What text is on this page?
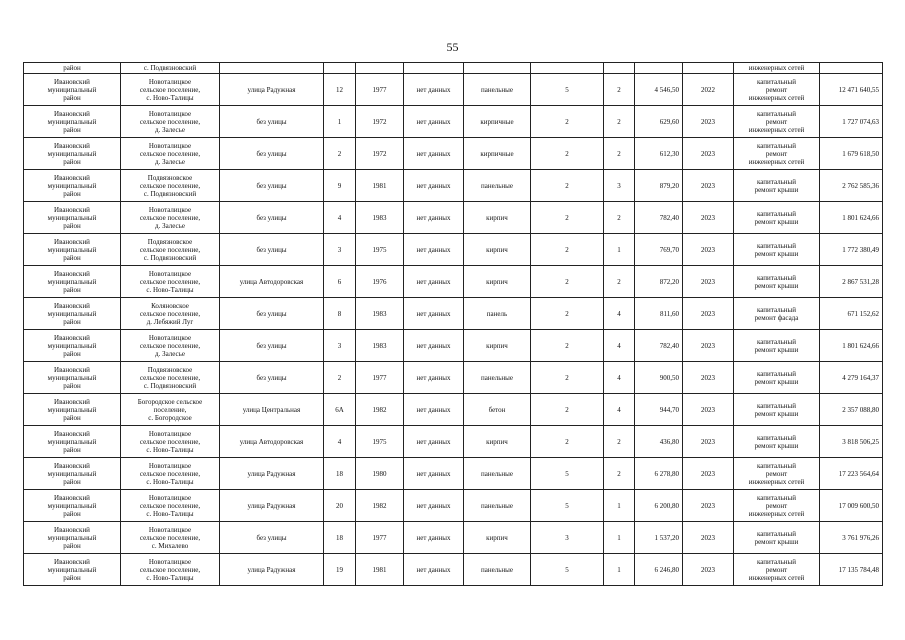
55
район	с. Подвязновский										инженерных сетей	
Ивановский
муниципальный
район	Новоталицкое
сельское поселение,
с. Ново-Талицы	улица Радужная	12	1977	нет данных	панельные	5	2	4 546,50	2022	капитальный
ремонт
инженерных сетей	12 471 640,55
Ивановский
муниципальный
район	Новоталицкое
сельское поселение,
д. Залесье	без улицы	1	1972	нет данных	кирпичные	2	2	629,60	2023	капитальный
ремонт
инженерных сетей	1 727 074,63
Ивановский
муниципальный
район	Новоталицкое
сельское поселение,
д. Залесье	без улицы	2	1972	нет данных	кирпичные	2	2	612,30	2023	капитальный
ремонт
инженерных сетей	1 679 618,50
Ивановский
муниципальный
район	Подвязновское
сельское поселение,
с. Подвязновский	без улицы	9	1981	нет данных	панельные	2	3	879,20	2023	капитальный
ремонт крыши	2 762 585,36
Ивановский
муниципальный
район	Новоталицкое
сельское поселение,
д. Залесье	без улицы	4	1983	нет данных	кирпич	2	2	782,40	2023	капитальный
ремонт крыши	1 801 624,66
Ивановский
муниципальный
район	Подвязновское
сельское поселение,
с. Подвязновский	без улицы	3	1975	нет данных	кирпич	2	1	769,70	2023	капитальный
ремонт крыши	1 772 380,49
Ивановский
муниципальный
район	Новоталицкое
сельское поселение,
с. Ново-Талицы	улица Автодоровская	6	1976	нет данных	кирпич	2	2	872,20	2023	капитальный
ремонт крыши	2 867 531,28
Ивановский
муниципальный
район	Коляновское
сельское поселение,
д. Лебяжий Луг	без улицы	8	1983	нет данных	панель	2	4	811,60	2023	капитальный
ремонт фасада	671 152,62
Ивановский
муниципальный
район	Новоталицкое
сельское поселение,
д. Залесье	без улицы	3	1983	нет данных	кирпич	2	4	782,40	2023	капитальный
ремонт крыши	1 801 624,66
Ивановский
муниципальный
район	Подвязновское
сельское поселение,
с. Подвязновский	без улицы	2	1977	нет данных	панельные	2	4	900,50	2023	капитальный
ремонт крыши	4 279 164,37
Ивановский
муниципальный
район	Богородское сельское
поселение,
с. Богородское	улица Центральная	6А	1982	нет данных	бетон	2	4	944,70	2023	капитальный
ремонт крыши	2 357 088,80
Ивановский
муниципальный
район	Новоталицкое
сельское поселение,
с. Ново-Талицы	улица Автодоровская	4	1975	нет данных	кирпич	2	2	436,80	2023	капитальный
ремонт крыши	3 818 506,25
Ивановский
муниципальный
район	Новоталицкое
сельское поселение,
с. Ново-Талицы	улица Радужная	18	1980	нет данных	панельные	5	2	6 278,80	2023	капитальный
ремонт
инженерных сетей	17 223 564,64
Ивановский
муниципальный
район	Новоталицкое
сельское поселение,
с. Ново-Талицы	улица Радужная	20	1982	нет данных	панельные	5	1	6 200,80	2023	капитальный
ремонт
инженерных сетей	17 009 600,50
Ивановский
муниципальный
район	Новоталицкое
сельское поселение,
с. Михалево	без улицы	18	1977	нет данных	кирпич	3	1	1 537,20	2023	капитальный
ремонт крыши	3 761 976,26
Ивановский
муниципальный
район	Новоталицкое
сельское поселение,
с. Ново-Талицы	улица Радужная	19	1981	нет данных	панельные	5	1	6 246,80	2023	капитальный
ремонт
инженерных сетей	17 135 784,48
